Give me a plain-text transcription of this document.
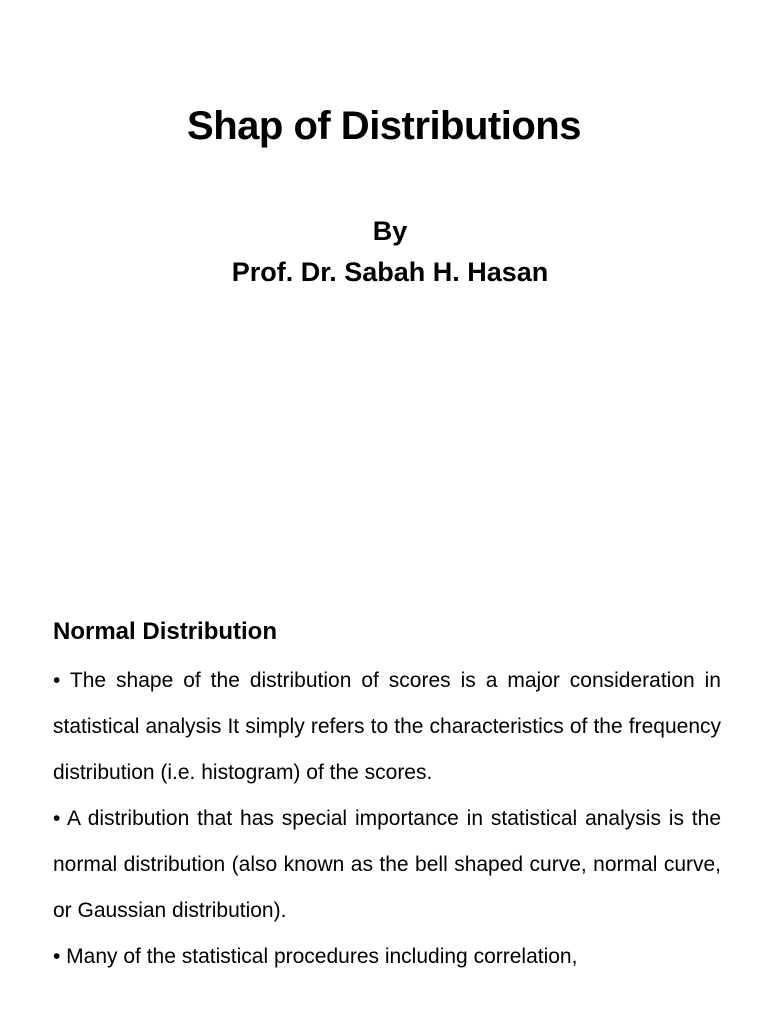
Shap of Distributions
By
Prof. Dr. Sabah H. Hasan
Normal Distribution

• The shape of the distribution of scores is a major consideration in statistical analysis It simply refers to the characteristics of the frequency distribution (i.e. histogram) of the scores.

• A distribution that has special importance in statistical analysis is the normal distribution (also known as the bell shaped curve, normal curve, or Gaussian distribution).

• Many of the statistical procedures including correlation,
